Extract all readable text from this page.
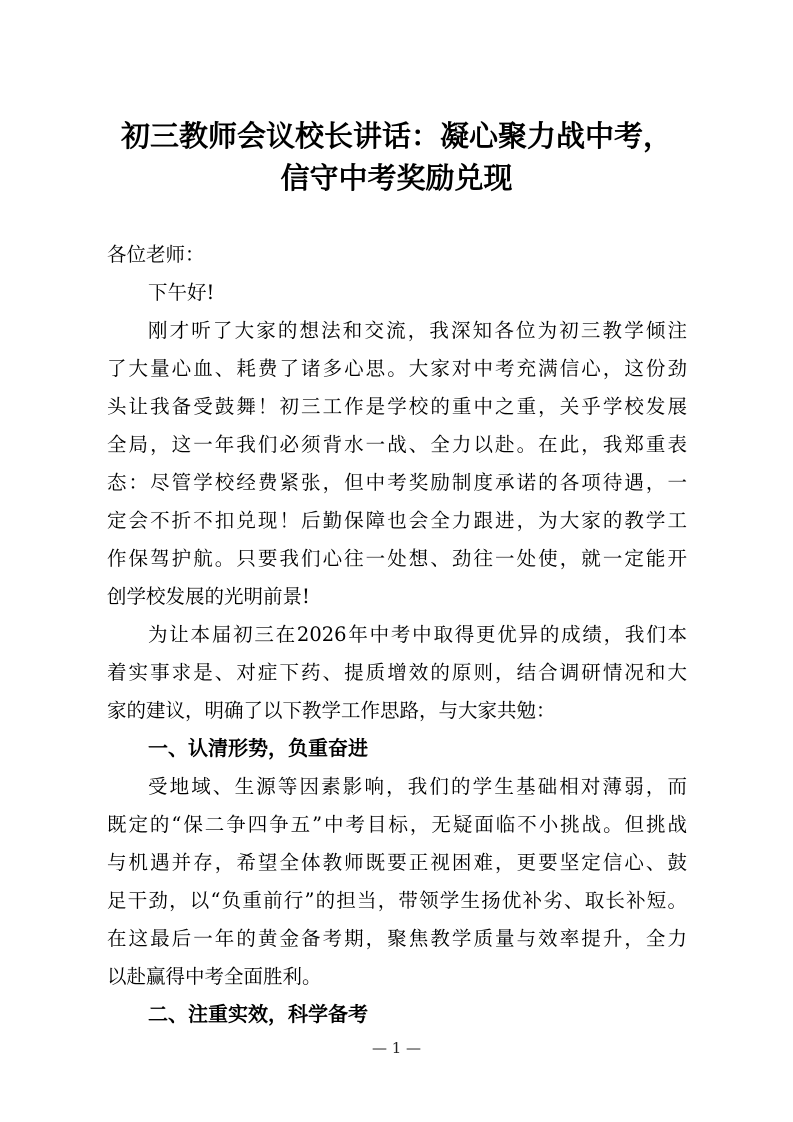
初三教师会议校长讲话：凝心聚力战中考，
信守中考奖励兑现
各位老师：
下午好!
刚才听了大家的想法和交流，我深知各位为初三教学倾注
了大量心血、耗费了诸多心思。大家对中考充满信心，这份劲
头让我备受鼓舞！初三工作是学校的重中之重，关乎学校发展
全局，这一年我们必须背水一战、全力以赴。在此，我郑重表
态：尽管学校经费紧张，但中考奖励制度承诺的各项待遇，一
定会不折不扣兑现！后勤保障也会全力跟进，为大家的教学工
作保驾护航。只要我们心往一处想、劲往一处使，就一定能开
创学校发展的光明前景!
为让本届初三在2026年中考中取得更优异的成绩，我们本
着实事求是、对症下药、提质增效的原则，结合调研情况和大
家的建议，明确了以下教学工作思路，与大家共勉：
一、认清形势，负重奋进
受地域、生源等因素影响，我们的学生基础相对薄弱，而
既定的“保二争四争五”中考目标，无疑面临不小挑战。但挑战
与机遇并存，希望全体教师既要正视困难，更要坚定信心、鼓
足干劲，以“负重前行”的担当，带领学生扬优补劣、取长补短。
在这最后一年的黄金备考期，聚焦教学质量与效率提升，全力
以赴赢得中考全面胜利。
二、注重实效，科学备考
— 1 —
